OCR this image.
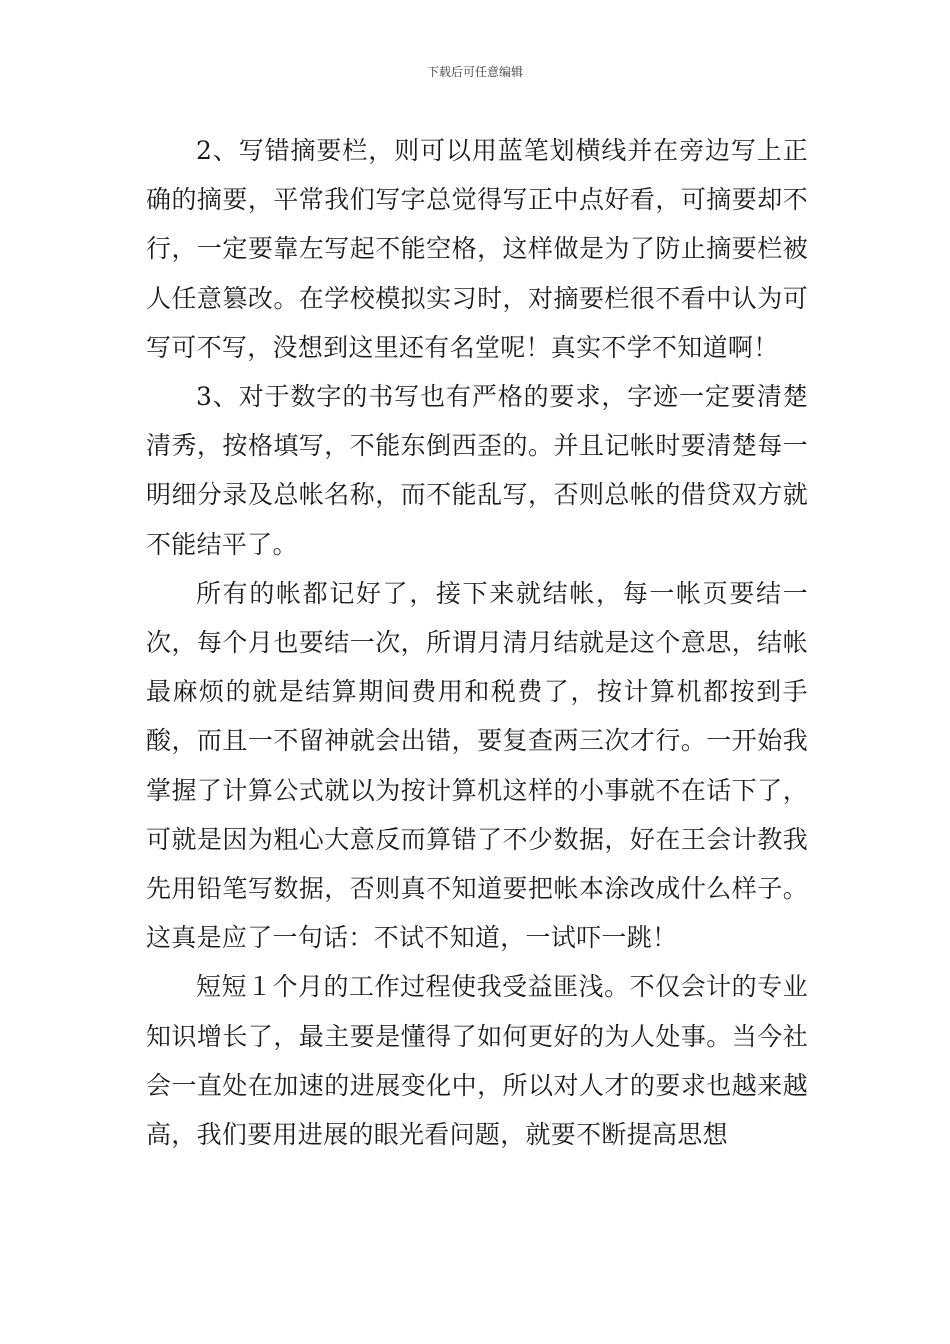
下载后可任意编辑

2、写错摘要栏，则可以用蓝笔划横线并在旁边写上正确的摘要，平常我们写字总觉得写正中点好看，可摘要却不行，一定要靠左写起不能空格，这样做是为了防止摘要栏被人任意篡改。在学校模拟实习时，对摘要栏很不看中认为可写可不写，没想到这里还有名堂呢！真实不学不知道啊！

3、对于数字的书写也有严格的要求，字迹一定要清楚清秀，按格填写，不能东倒西歪的。并且记帐时要清楚每一明细分录及总帐名称，而不能乱写，否则总帐的借贷双方就不能结平了。

所有的帐都记好了，接下来就结帐，每一帐页要结一次，每个月也要结一次，所谓月清月结就是这个意思，结帐最麻烦的就是结算期间费用和税费了，按计算机都按到手酸，而且一不留神就会出错，要复查两三次才行。一开始我掌握了计算公式就以为按计算机这样的小事就不在话下了，可就是因为粗心大意反而算错了不少数据，好在王会计教我先用铅笔写数据，否则真不知道要把帐本涂改成什么样子。这真是应了一句话：不试不知道，一试吓一跳！

短短１个月的工作过程使我受益匪浅。不仅会计的专业知识增长了，最主要是懂得了如何更好的为人处事。当今社会一直处在加速的进展变化中，所以对人才的要求也越来越高，我们要用进展的眼光看问题，就要不断提高思想
